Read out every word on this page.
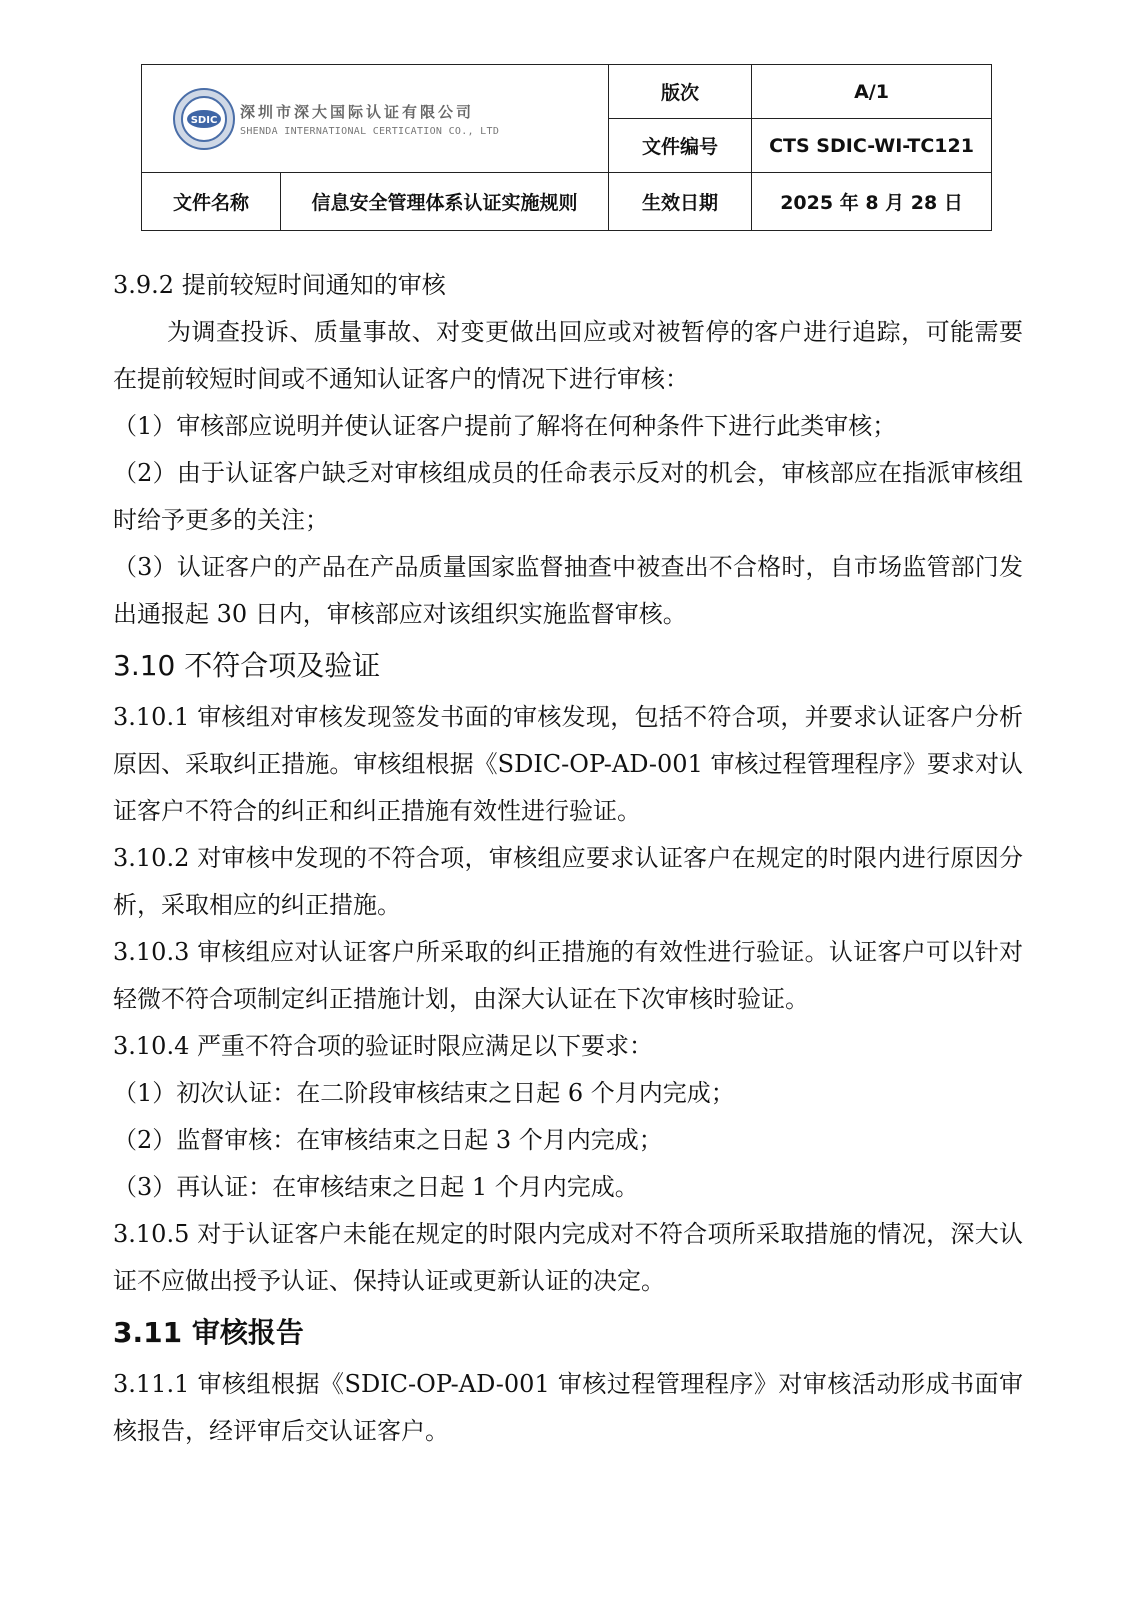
SDIC 深圳市深大国际认证有限公司
SHENDA INTERNATIONAL CERTICATION CO., LTD		版次	A/1
		文件编号	CTS SDIC-WI-TC121
文件名称	信息安全管理体系认证实施规则	生效日期	2025 年 8 月 28 日

3.9.2 提前较短时间通知的审核

为调查投诉、质量事故、对变更做出回应或对被暂停的客户进行追踪，可能需要在提前较短时间或不通知认证客户的情况下进行审核：

（1）审核部应说明并使认证客户提前了解将在何种条件下进行此类审核；

（2）由于认证客户缺乏对审核组成员的任命表示反对的机会，审核部应在指派审核组时给予更多的关注；

（3）认证客户的产品在产品质量国家监督抽查中被查出不合格时，自市场监管部门发出通报起 30 日内，审核部应对该组织实施监督审核。

3.10 不符合项及验证

3.10.1 审核组对审核发现签发书面的审核发现，包括不符合项，并要求认证客户分析原因、采取纠正措施。审核组根据《SDIC-OP-AD-001 审核过程管理程序》要求对认证客户不符合的纠正和纠正措施有效性进行验证。

3.10.2 对审核中发现的不符合项，审核组应要求认证客户在规定的时限内进行原因分析，采取相应的纠正措施。

3.10.3 审核组应对认证客户所采取的纠正措施的有效性进行验证。认证客户可以针对轻微不符合项制定纠正措施计划，由深大认证在下次审核时验证。

3.10.4 严重不符合项的验证时限应满足以下要求：

（1）初次认证：在二阶段审核结束之日起 6 个月内完成；

（2）监督审核：在审核结束之日起 3 个月内完成；

（3）再认证：在审核结束之日起 1 个月内完成。

3.10.5 对于认证客户未能在规定的时限内完成对不符合项所采取措施的情况，深大认证不应做出授予认证、保持认证或更新认证的决定。

3.11 审核报告

3.11.1 审核组根据《SDIC-OP-AD-001 审核过程管理程序》对审核活动形成书面审核报告，经评审后交认证客户。
